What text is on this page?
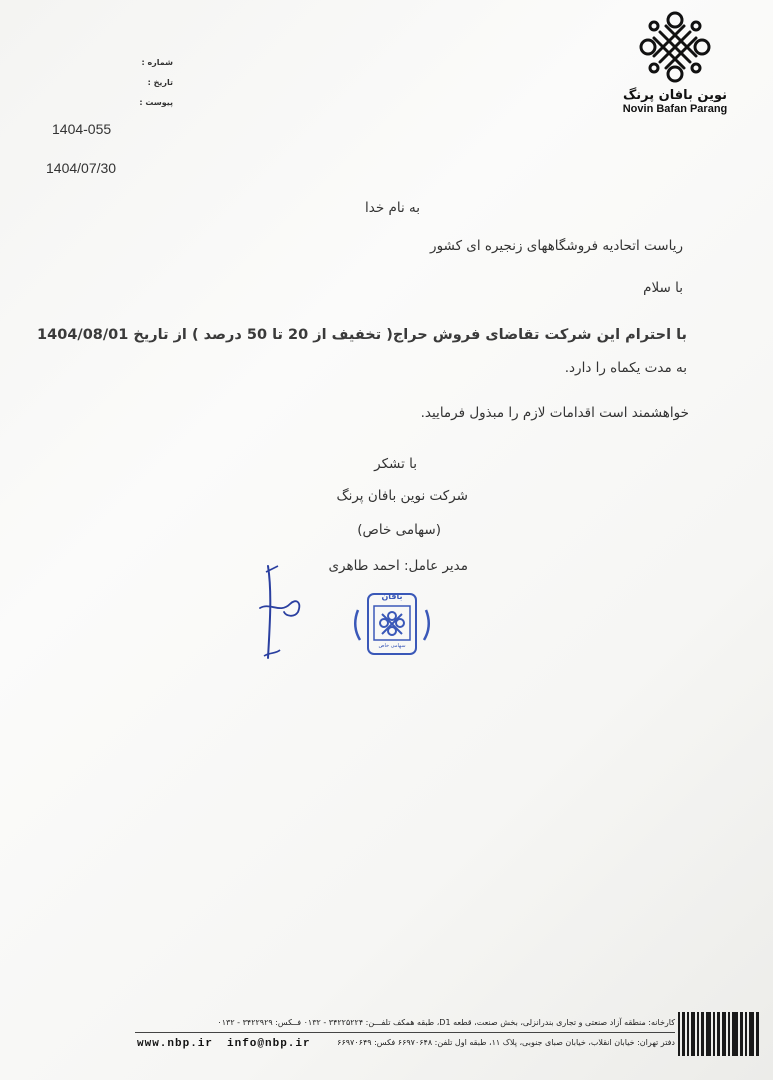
نوین بافان پرنگ
Novin Bafan Parang
شماره :
تاریخ :
پیوست :
1404-055
1404/07/30
به نام خدا
ریاست اتحادیه فروشگاههای زنجیره ای کشور
با سلام
با احترام این شرکت تقاضای فروش حراج( تخفیف از 20 تا 50 درصد ) از تاریخ 1404/08/01
به مدت یکماه را دارد.
خواهشمند است اقدامات لازم را مبذول فرمایید.
با تشکر
شرکت نوین بافان پرنگ
(سهامی خاص)
مدیر عامل: احمد طاهری
بافان
سهامی خاص
کارخانه: منطقه آزاد صنعتی و تجاری بندرانزلی، بخش صنعت، قطعه D1، طبقه همکف تلفـــن: ۳۴۲۲۵۲۲۴ - ۰۱۳۲ فــکس: ۳۴۲۲۹۲۹ - ۰۱۳۲
دفتر تهران: خیابان انقلاب، خیابان صبای جنوبی، پلاک ۱۱، طبقه اول تلفن: ۶۶۹۷۰۶۴۸ فکس: ۶۶۹۷۰۶۴۹
www.nbp.ir info@nbp.ir
